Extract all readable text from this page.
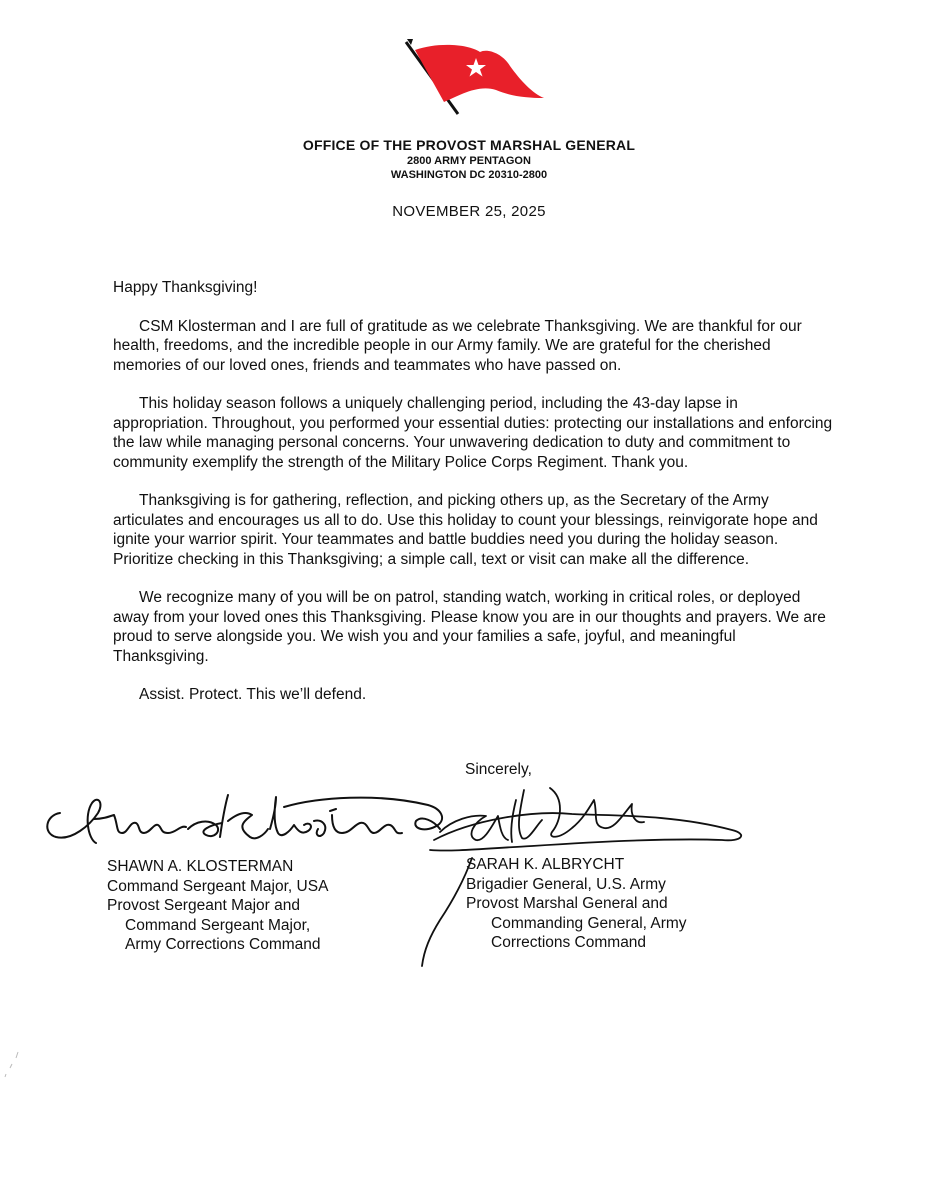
OFFICE OF THE PROVOST MARSHAL GENERAL
2800 ARMY PENTAGON
WASHINGTON DC 20310-2800
NOVEMBER 25, 2025

Happy Thanksgiving!

CSM Klosterman and I are full of gratitude as we celebrate Thanksgiving. We are thankful for our health, freedoms, and the incredible people in our Army family. We are grateful for the cherished memories of our loved ones, friends and teammates who have passed on.

This holiday season follows a uniquely challenging period, including the 43-day lapse in appropriation. Throughout, you performed your essential duties: protecting our installations and enforcing the law while managing personal concerns. Your unwavering dedication to duty and commitment to community exemplify the strength of the Military Police Corps Regiment. Thank you.

Thanksgiving is for gathering, reflection, and picking others up, as the Secretary of the Army articulates and encourages us all to do. Use this holiday to count your blessings, reinvigorate hope and ignite your warrior spirit. Your teammates and battle buddies need you during the holiday season. Prioritize checking in this Thanksgiving; a simple call, text or visit can make all the difference.

We recognize many of you will be on patrol, standing watch, working in critical roles, or deployed away from your loved ones this Thanksgiving. Please know you are in our thoughts and prayers. We are proud to serve alongside you. We wish you and your families a safe, joyful, and meaningful Thanksgiving.

Assist. Protect. This we’ll defend.

Sincerely,
SHAWN A. KLOSTERMAN
Command Sergeant Major, USA
Provost Sergeant Major and
Command Sergeant Major,
Army Corrections Command
SARAH K. ALBRYCHT
Brigadier General, U.S. Army
Provost Marshal General and
Commanding General, Army
Corrections Command
